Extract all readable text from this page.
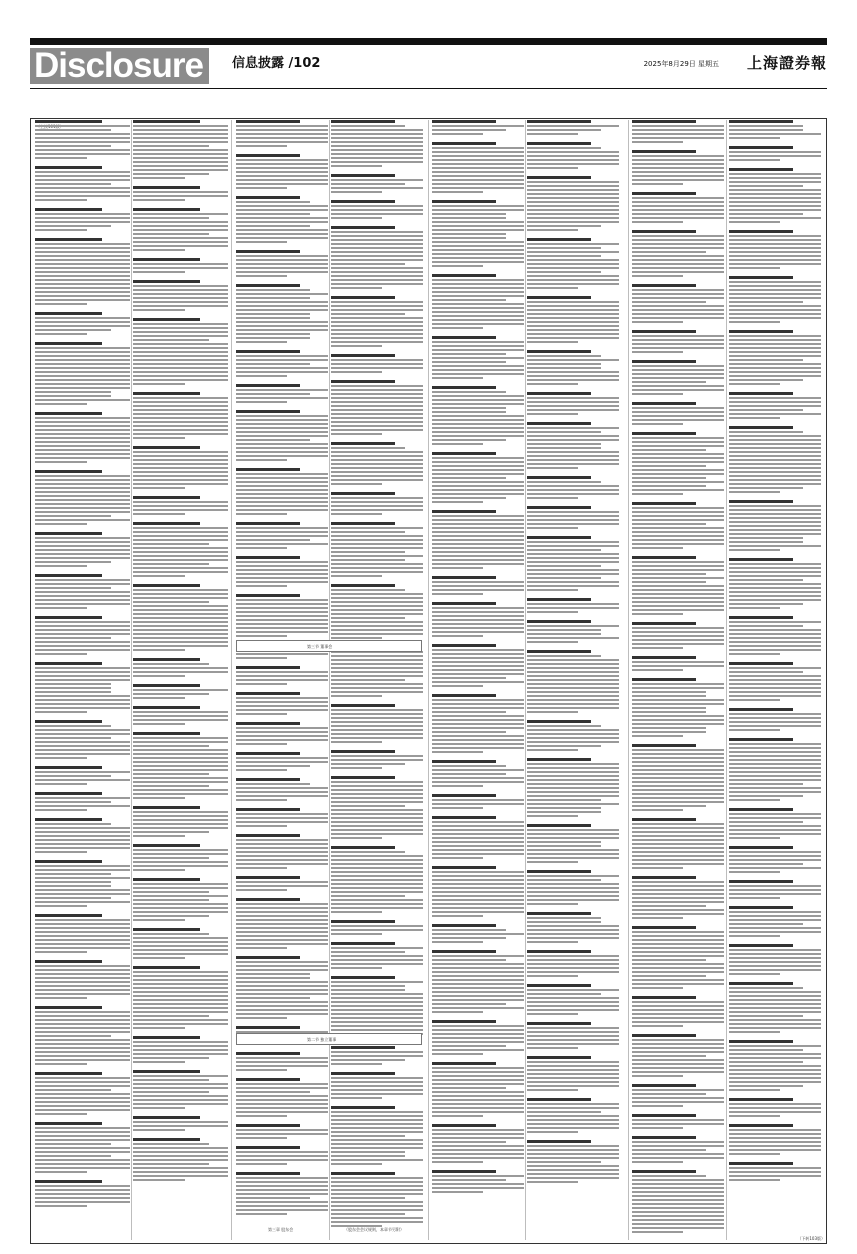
Disclosure	信息披露 /102	2025年8月29日 星期五 上海證券報
第三节 董事会
第二节 独立董事
第三章 股东会	（股东会会议规则，本章节另附）
（下转103版）
